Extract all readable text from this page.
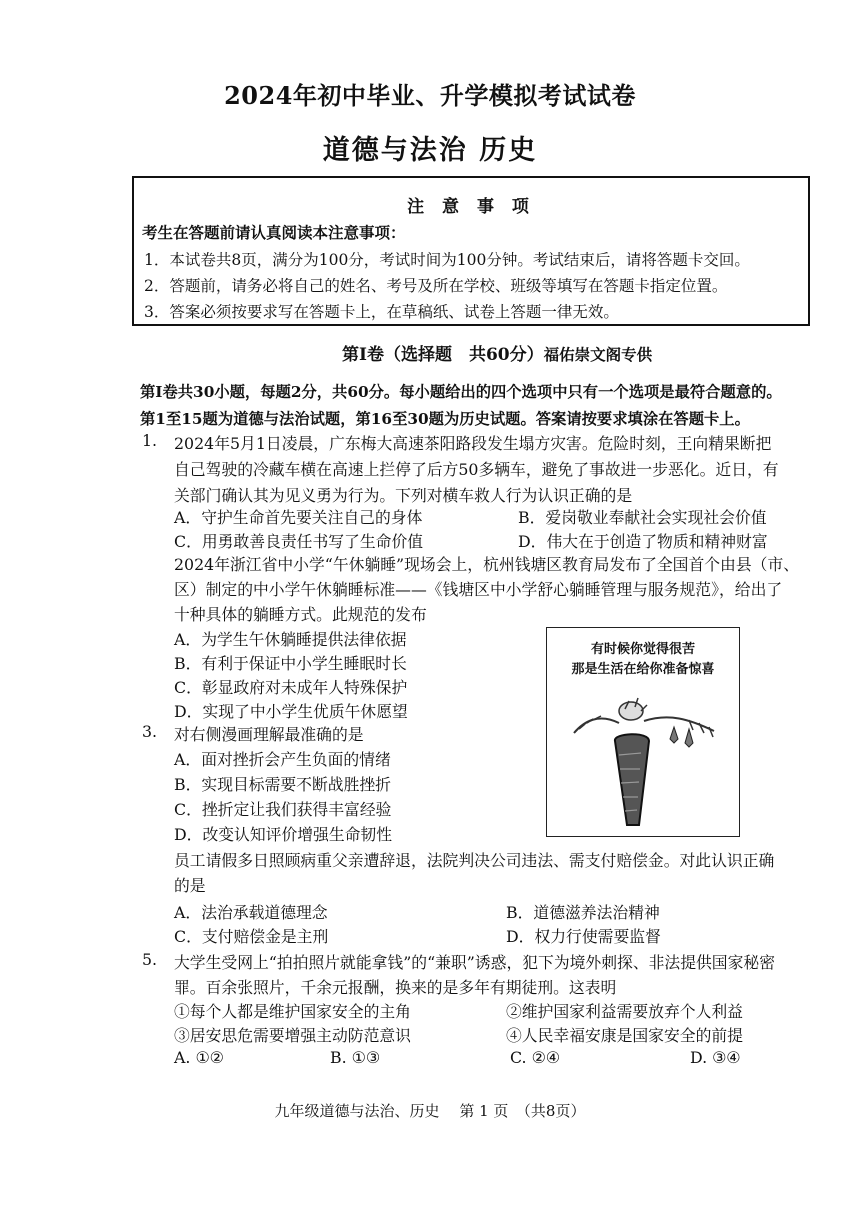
2024年初中毕业、升学模拟考试试卷
道德与法治 历史
注 意 事 项
考生在答题前请认真阅读本注意事项：
1．本试卷共8页，满分为100分，考试时间为100分钟。考试结束后，请将答题卡交回。
2．答题前，请务必将自己的姓名、考号及所在学校、班级等填写在答题卡指定位置。
3．答案必须按要求写在答题卡上，在草稿纸、试卷上答题一律无效。
第Ⅰ卷（选择题　共60分）福佑崇文阁专供
第Ⅰ卷共30小题，每题2分，共60分。每小题给出的四个选项中只有一个选项是最符合题意的。
第1至15题为道德与法治试题，第16至30题为历史试题。答案请按要求填涂在答题卡上。
1. 2024年5月1日凌晨，广东梅大高速茶阳路段发生塌方灾害。危险时刻，王向精果断把
自己驾驶的冷藏车横在高速上拦停了后方50多辆车，避免了事故进一步恶化。近日，有
关部门确认其为见义勇为行为。下列对横车救人行为认识正确的是
A．守护生命首先要关注自己的身体	B．爱岗敬业奉献社会实现社会价值
C．用勇敢善良责任书写了生命价值	D．伟大在于创造了物质和精神财富
2024年浙江省中小学“午休躺睡”现场会上，杭州钱塘区教育局发布了全国首个由县（市、
区）制定的中小学午休躺睡标准——《钱塘区中小学舒心躺睡管理与服务规范》，给出了
十种具体的躺睡方式。此规范的发布
A．为学生午休躺睡提供法律依据
B．有利于保证中小学生睡眠时长
C．彰显政府对未成年人特殊保护
D．实现了中小学生优质午休愿望
有时候你觉得很苦
那是生活在给你准备惊喜
3. 对右侧漫画理解最准确的是
A．面对挫折会产生负面的情绪
B．实现目标需要不断战胜挫折
C．挫折定让我们获得丰富经验
D．改变认知评价增强生命韧性
员工请假多日照顾病重父亲遭辞退，法院判决公司违法、需支付赔偿金。对此认识正确
的是
A．法治承载道德理念	B．道德滋养法治精神
C．支付赔偿金是主刑	D．权力行使需要监督
5. 大学生受网上“拍拍照片就能拿钱”的“兼职”诱惑，犯下为境外刺探、非法提供国家秘密
罪。百余张照片，千余元报酬，换来的是多年有期徒刑。这表明
①每个人都是维护国家安全的主角	②维护国家利益需要放弃个人利益
③居安思危需要增强主动防范意识	④人民幸福安康是国家安全的前提
A. ①②	B. ①③	C. ②④	D. ③④
九年级道德与法治、历史　 第 1 页　（共8页）
